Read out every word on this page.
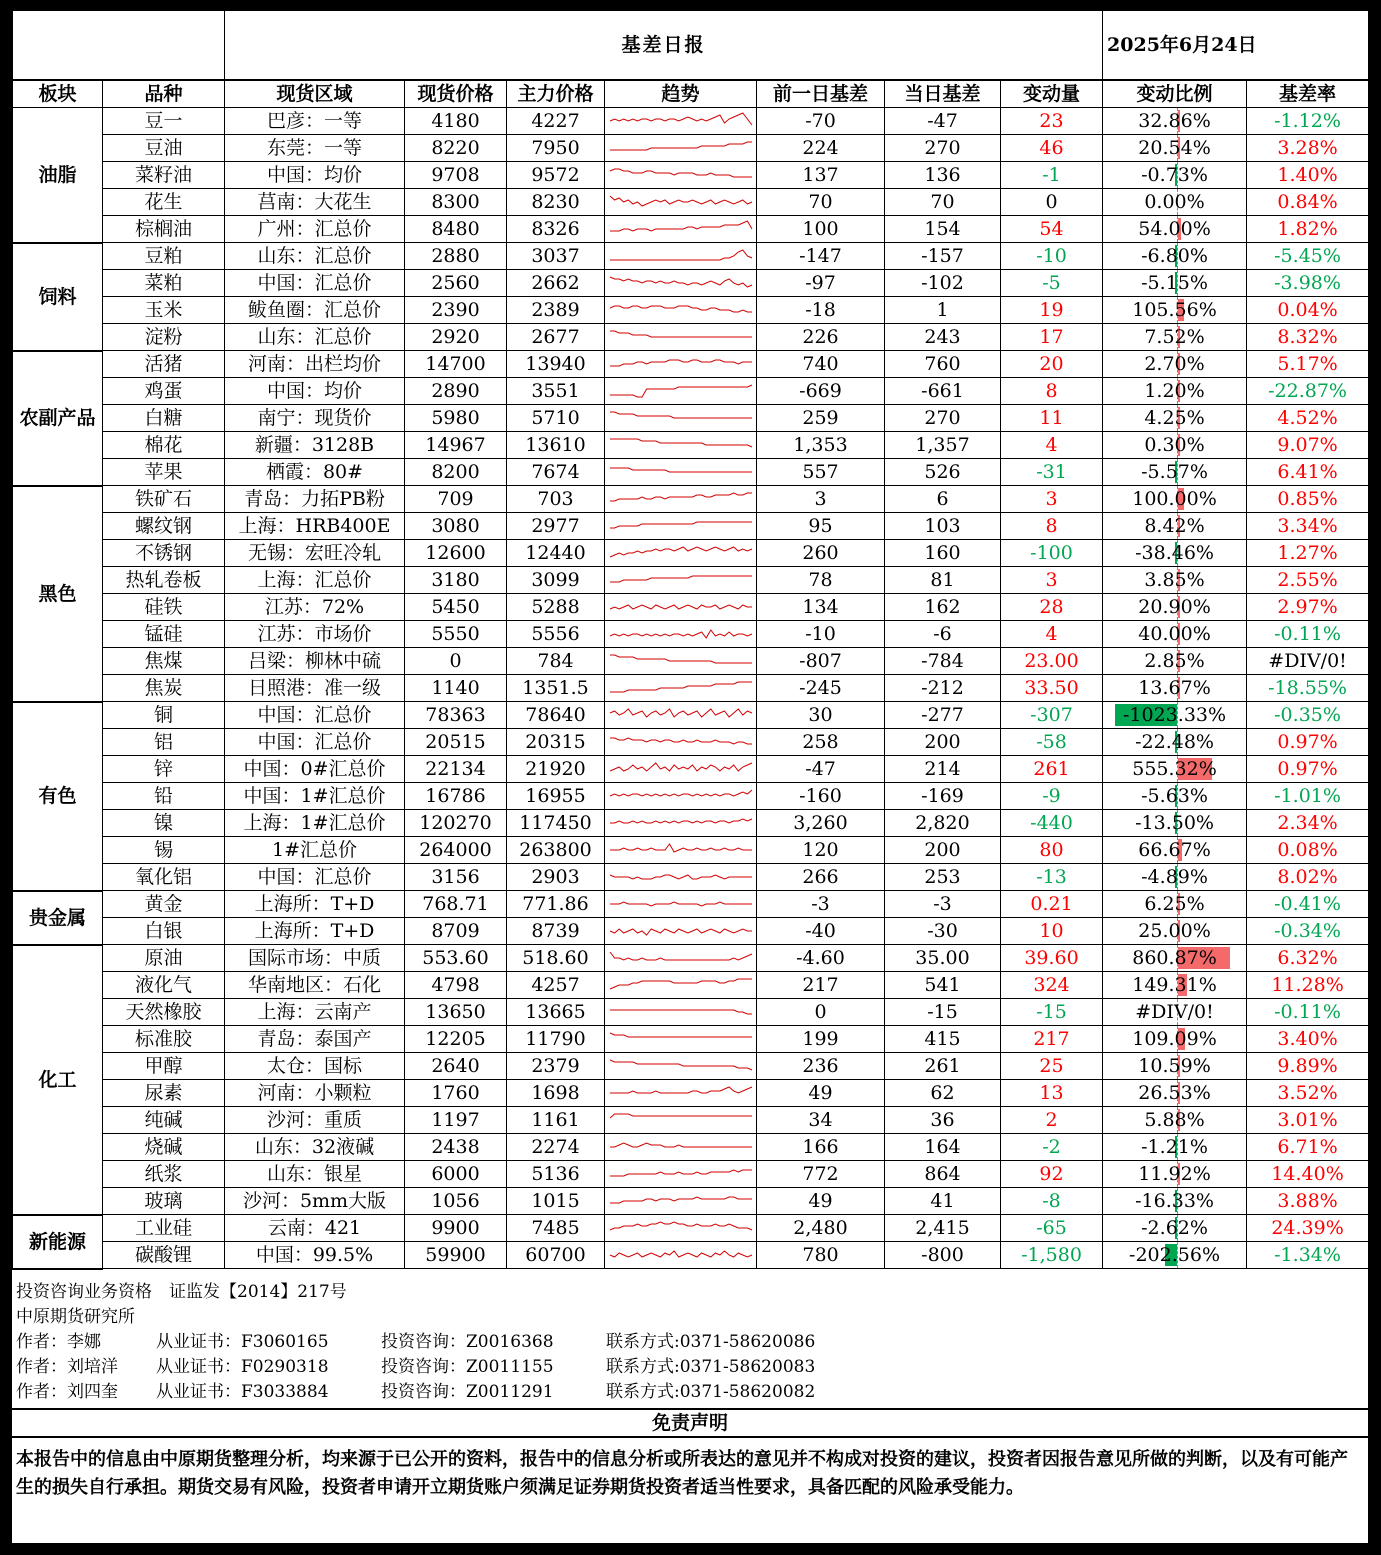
		基差日报							2025年6月24日	
板块	品种	现货区域	现货价格	主力价格	趋势	前一日基差	当日基差	变动量	变动比例	基差率
油脂	豆一	巴彦：一等	4180	4227		-70	-47	23	32.86%	-1.12%
	豆油	东莞：一等	8220	7950		224	270	46	20.54%	3.28%
	菜籽油	中国：均价	9708	9572		137	136	-1	-0.73%	1.40%
	花生	莒南：大花生	8300	8230		70	70	0	0.00%	0.84%
	棕榈油	广州：汇总价	8480	8326		100	154	54	54.00%	1.82%
饲料	豆粕	山东：汇总价	2880	3037		-147	-157	-10	-6.80%	-5.45%
	菜粕	中国：汇总价	2560	2662		-97	-102	-5	-5.15%	-3.98%
	玉米	鲅鱼圈：汇总价	2390	2389		-18	1	19	105.56%	0.04%
	淀粉	山东：汇总价	2920	2677		226	243	17	7.52%	8.32%
农副产品	活猪	河南：出栏均价	14700	13940		740	760	20	2.70%	5.17%
	鸡蛋	中国：均价	2890	3551		-669	-661	8	1.20%	-22.87%
	白糖	南宁：现货价	5980	5710		259	270	11	4.25%	4.52%
	棉花	新疆：3128B	14967	13610		1,353	1,357	4	0.30%	9.07%
	苹果	栖霞：80#	8200	7674		557	526	-31	-5.57%	6.41%
黑色	铁矿石	青岛：力拓PB粉	709	703		3	6	3	100.00%	0.85%
	螺纹钢	上海：HRB400E	3080	2977		95	103	8	8.42%	3.34%
	不锈钢	无锡：宏旺冷轧	12600	12440		260	160	-100	-38.46%	1.27%
	热轧卷板	上海：汇总价	3180	3099		78	81	3	3.85%	2.55%
	硅铁	江苏：72%	5450	5288		134	162	28	20.90%	2.97%
	锰硅	江苏：市场价	5550	5556		-10	-6	4	40.00%	-0.11%
	焦煤	吕梁：柳林中硫	0	784		-807	-784	23.00	2.85%	#DIV/0!
	焦炭	日照港：准一级	1140	1351.5		-245	-212	33.50	13.67%	-18.55%
有色	铜	中国：汇总价	78363	78640		30	-277	-307	-1023.33%	-0.35%
	铝	中国：汇总价	20515	20315		258	200	-58	-22.48%	0.97%
	锌	中国：0#汇总价	22134	21920		-47	214	261	555.32%	0.97%
	铅	中国：1#汇总价	16786	16955		-160	-169	-9	-5.63%	-1.01%
	镍	上海：1#汇总价	120270	117450		3,260	2,820	-440	-13.50%	2.34%
	锡	1#汇总价	264000	263800		120	200	80	66.67%	0.08%
	氧化铝	中国：汇总价	3156	2903		266	253	-13	-4.89%	8.02%
贵金属	黄金	上海所：T+D	768.71	771.86		-3	-3	0.21	6.25%	-0.41%
	白银	上海所：T+D	8709	8739		-40	-30	10	25.00%	-0.34%
化工	原油	国际市场：中质	553.60	518.60		-4.60	35.00	39.60	860.87%	6.32%
	液化气	华南地区：石化	4798	4257		217	541	324	149.31%	11.28%
	天然橡胶	上海：云南产	13650	13665		0	-15	-15	#DIV/0!	-0.11%
	标准胶	青岛：泰国产	12205	11790		199	415	217	109.09%	3.40%
	甲醇	太仓：国标	2640	2379		236	261	25	10.59%	9.89%
	尿素	河南：小颗粒	1760	1698		49	62	13	26.53%	3.52%
	纯碱	沙河：重质	1197	1161		34	36	2	5.88%	3.01%
	烧碱	山东：32液碱	2438	2274		166	164	-2	-1.21%	6.71%
	纸浆	山东：银星	6000	5136		772	864	92	11.92%	14.40%
	玻璃	沙河：5mm大版	1056	1015		49	41	-8	-16.33%	3.88%
新能源	工业硅	云南：421	9900	7485		2,480	2,415	-65	-2.62%	24.39%
	碳酸锂	中国：99.5%	59900	60700		780	-800	-1,580	-202.56%	-1.34%
投资咨询业务资格　证监发【2014】217号
中原期货研究所
作者：李娜	从业证书：F3060165	投资咨询：Z0016368	联系方式:0371-58620086
作者：刘培洋 从业证书：F0290318	投资咨询：Z0011155	联系方式:0371-58620083
作者：刘四奎 从业证书：F3033884	投资咨询：Z0011291	联系方式:0371-58620082
免责声明
本报告中的信息由中原期货整理分析，均来源于已公开的资料，报告中的信息分析或所表达的意见并不构成对投资的建议，投资者因报告意见所做的判断，以及有可能产生的损失自行承担。期货交易有风险，投资者申请开立期货账户须满足证券期货投资者适当性要求，具备匹配的风险承受能力。
